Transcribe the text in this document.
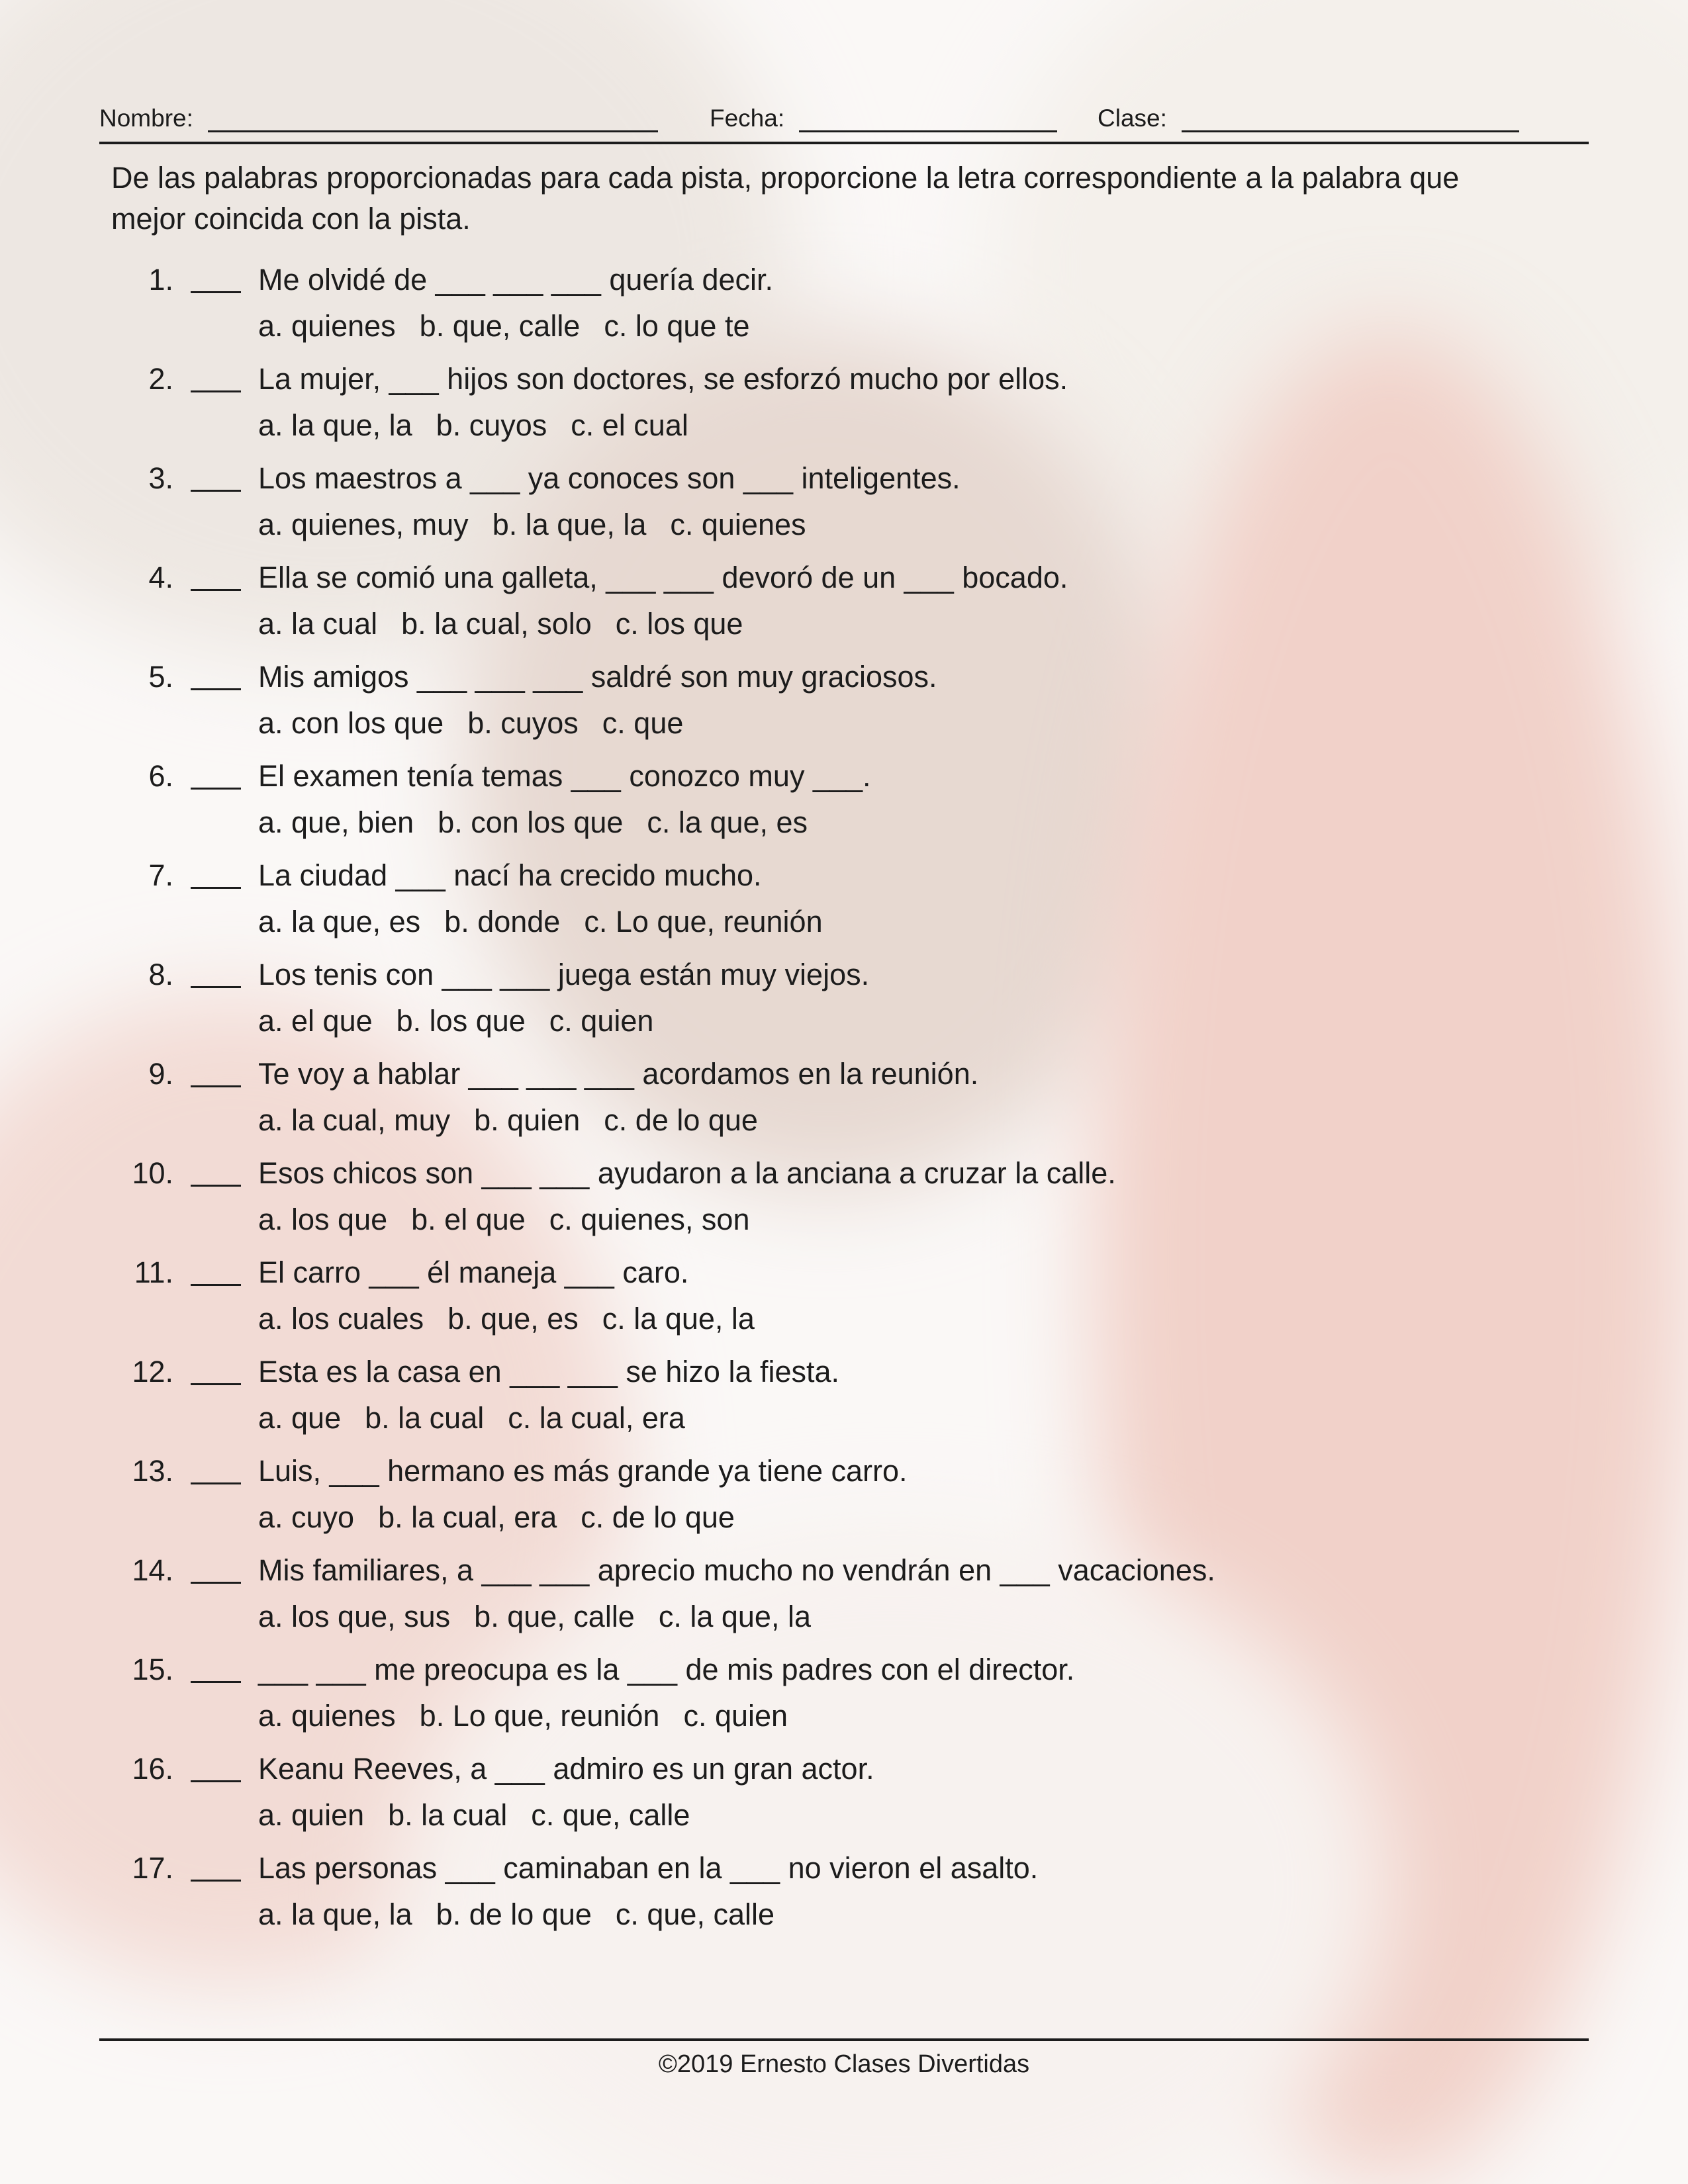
Nombre:	Fecha:	Clase:
De las palabras proporcionadas para cada pista, proporcione la letra correspondiente a la palabra que mejor coincida con la pista.
1.	Me olvidé de ___ ___ ___ quería decir.
a. quienes b. que, calle c. lo que te
2.	La mujer, ___ hijos son doctores, se esforzó mucho por ellos.
a. la que, la b. cuyos c. el cual
3.	Los maestros a ___ ya conoces son ___ inteligentes.
a. quienes, muy b. la que, la c. quienes
4.	Ella se comió una galleta, ___ ___ devoró de un ___ bocado.
a. la cual b. la cual, solo c. los que
5.	Mis amigos ___ ___ ___ saldré son muy graciosos.
a. con los que b. cuyos c. que
6.	El examen tenía temas ___ conozco muy ___.
a. que, bien b. con los que c. la que, es
7.	La ciudad ___ nací ha crecido mucho.
a. la que, es b. donde c. Lo que, reunión
8.	Los tenis con ___ ___ juega están muy viejos.
a. el que b. los que c. quien
9.	Te voy a hablar ___ ___ ___ acordamos en la reunión.
a. la cual, muy b. quien c. de lo que
10.	Esos chicos son ___ ___ ayudaron a la anciana a cruzar la calle.
a. los que b. el que c. quienes, son
11.	El carro ___ él maneja ___ caro.
a. los cuales b. que, es c. la que, la
12.	Esta es la casa en ___ ___ se hizo la fiesta.
a. que b. la cual c. la cual, era
13.	Luis, ___ hermano es más grande ya tiene carro.
a. cuyo b. la cual, era c. de lo que
14.	Mis familiares, a ___ ___ aprecio mucho no vendrán en ___ vacaciones.
a. los que, sus b. que, calle c. la que, la
15.	___ ___ me preocupa es la ___ de mis padres con el director.
a. quienes b. Lo que, reunión c. quien
16.	Keanu Reeves, a ___ admiro es un gran actor.
a. quien b. la cual c. que, calle
17.	Las personas ___ caminaban en la ___ no vieron el asalto.
a. la que, la b. de lo que c. que, calle
©2019 Ernesto Clases Divertidas
